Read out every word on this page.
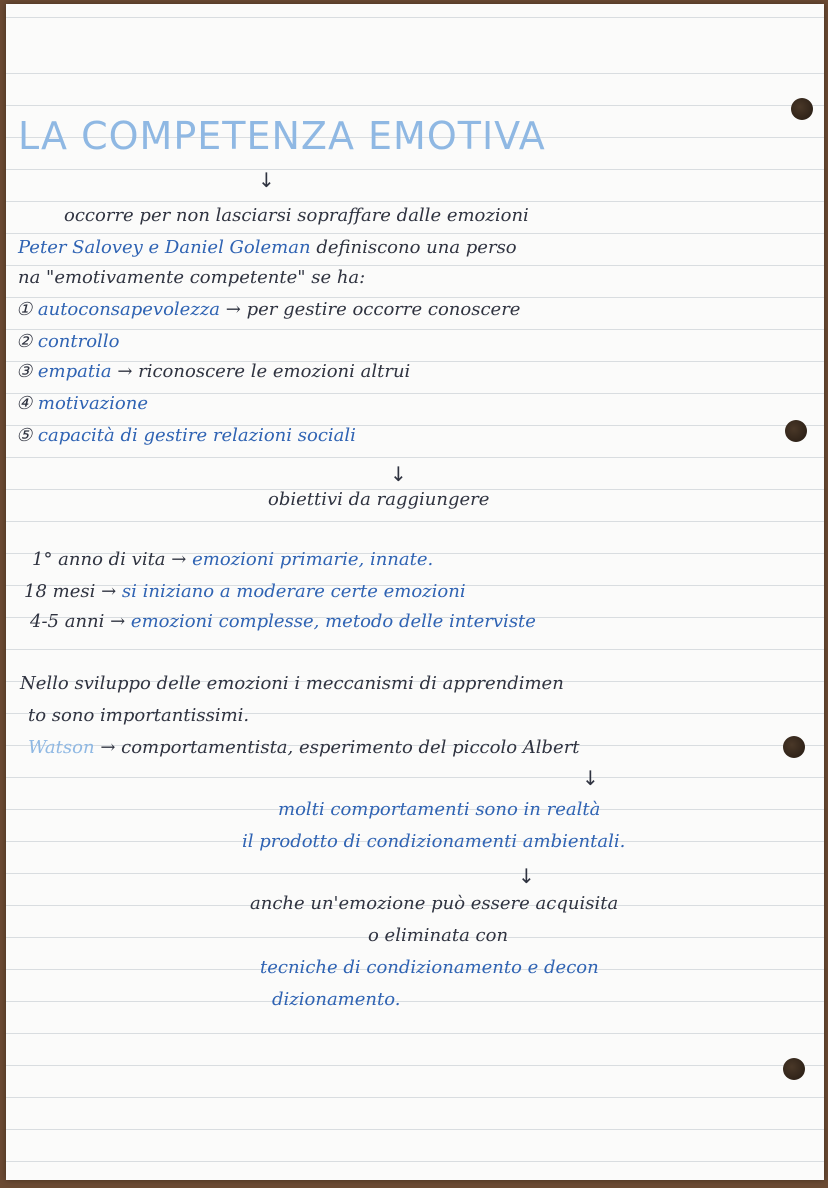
LA COMPETENZA EMOTIVA
↓
occorre per non lasciarsi sopraffare dalle emozioni
Peter Salovey e Daniel Goleman definiscono una perso
na "emotivamente competente" se ha:
① autoconsapevolezza → per gestire occorre conoscere
② controllo
③ empatia → riconoscere le emozioni altrui
④ motivazione
⑤ capacità di gestire relazioni sociali
↓
obiettivi da raggiungere
1° anno di vita → emozioni primarie, innate.
18 mesi → si iniziano a moderare certe emozioni
4-5 anni → emozioni complesse, metodo delle interviste
Nello sviluppo delle emozioni i meccanismi di apprendimen
to sono importantissimi.
Watson → comportamentista, esperimento del piccolo Albert
↓
molti comportamenti sono in realtà
il prodotto di condizionamenti ambientali.
↓
anche un'emozione può essere acquisita
o eliminata con
tecniche di condizionamento e decon
dizionamento.
